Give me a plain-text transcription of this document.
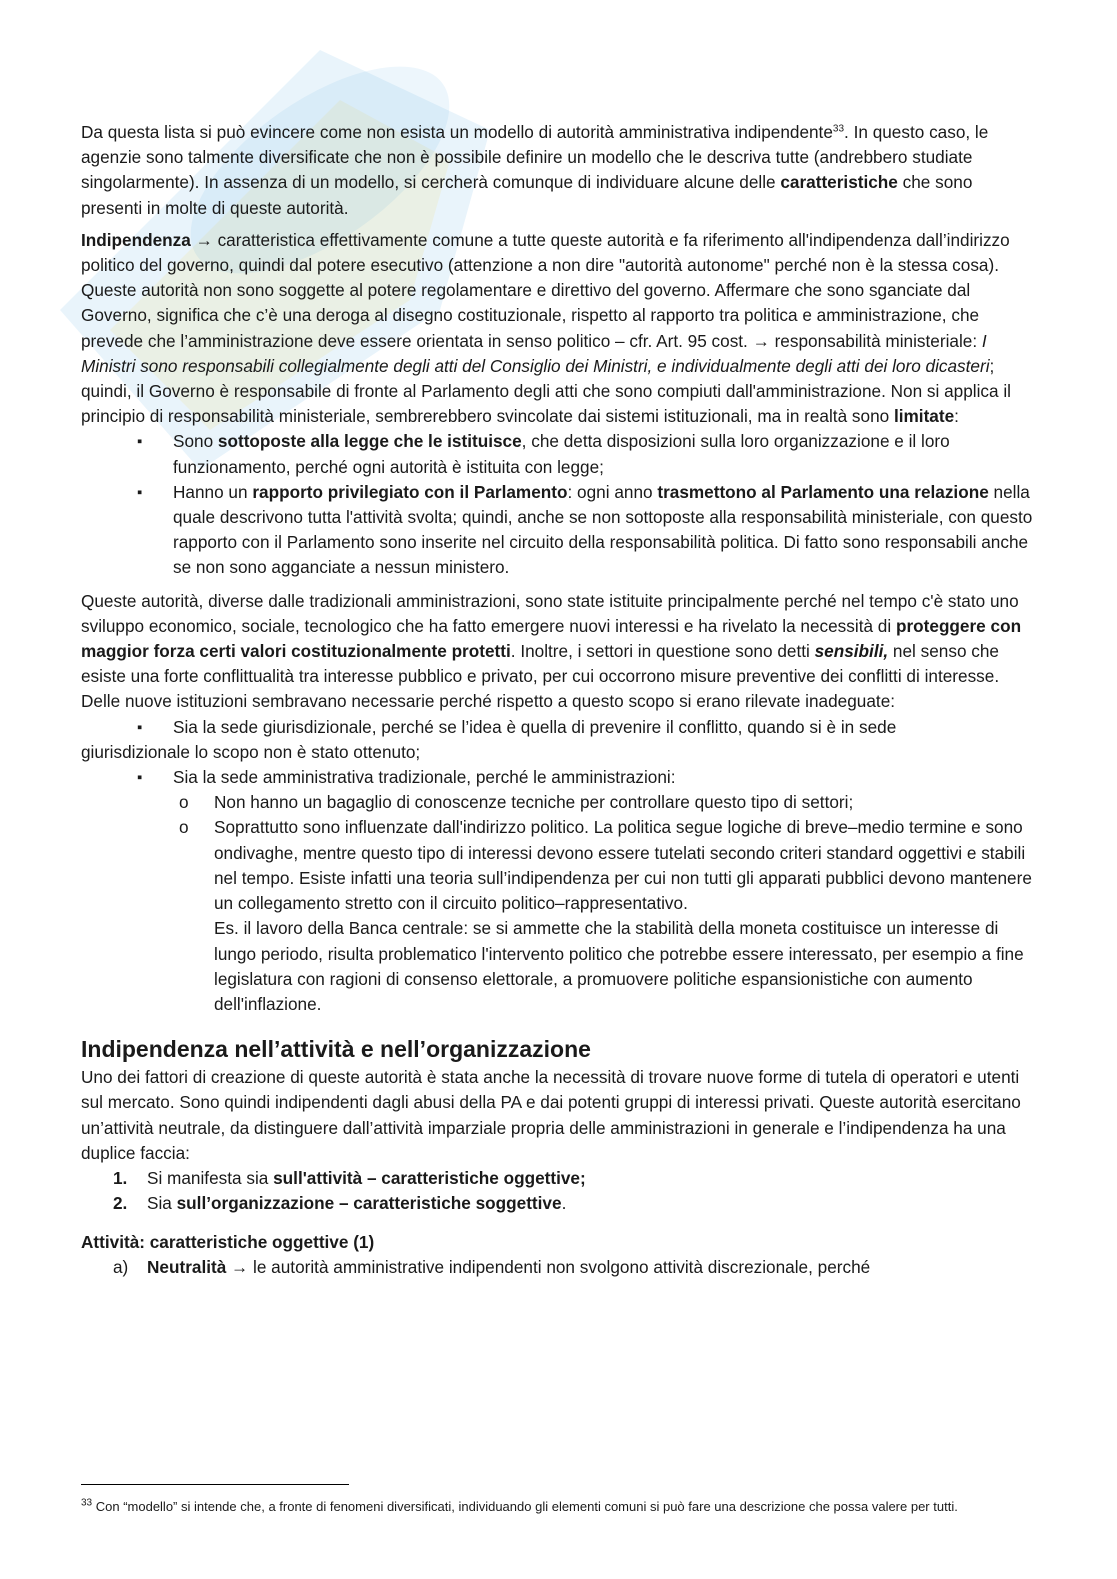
Da questa lista si può evincere come non esista un modello di autorità amministrativa indipendente$^{33}$. In questo caso, le agenzie sono talmente diversificate che non è possibile definire un modello che le descriva tutte (andrebbero studiate singolarmente). In assenza di un modello, si cercherà comunque di individuare alcune delle caratteristiche che sono presenti in molte di queste autorità.

Indipendenza → caratteristica effettivamente comune a tutte queste autorità e fa riferimento all'indipendenza dall’indirizzo politico del governo, quindi dal potere esecutivo (attenzione a non dire "autorità autonome" perché non è la stessa cosa). Queste autorità non sono soggette al potere regolamentare e direttivo del governo. Affermare che sono sganciate dal Governo, significa che c’è una deroga al disegno costituzionale, rispetto al rapporto tra politica e amministrazione, che prevede che l’amministrazione deve essere orientata in senso politico – cfr. Art. 95 cost. → responsabilità ministeriale: I Ministri sono responsabili collegialmente degli atti del Consiglio dei Ministri, e individualmente degli atti dei loro dicasteri; quindi, il Governo è responsabile di fronte al Parlamento degli atti che sono compiuti dall'amministrazione. Non si applica il principio di responsabilità ministeriale, sembrerebbero svincolate dai sistemi istituzionali, ma in realtà sono limitate:

▪ Sono sottoposte alla legge che le istituisce, che detta disposizioni sulla loro organizzazione e il loro funzionamento, perché ogni autorità è istituita con legge;
▪ Hanno un rapporto privilegiato con il Parlamento: ogni anno trasmettono al Parlamento una relazione nella quale descrivono tutta l'attività svolta; quindi, anche se non sottoposte alla responsabilità ministeriale, con questo rapporto con il Parlamento sono inserite nel circuito della responsabilità politica. Di fatto sono responsabili anche se non sono agganciate a nessun ministero.

Queste autorità, diverse dalle tradizionali amministrazioni, sono state istituite principalmente perché nel tempo c'è stato uno sviluppo economico, sociale, tecnologico che ha fatto emergere nuovi interessi e ha rivelato la necessità di proteggere con maggior forza certi valori costituzionalmente protetti. Inoltre, i settori in questione sono detti sensibili, nel senso che esiste una forte conflittualità tra interesse pubblico e privato, per cui occorrono misure preventive dei conflitti di interesse. Delle nuove istituzioni sembravano necessarie perché rispetto a questo scopo si erano rilevate inadeguate:

▪ Sia la sede giurisdizionale, perché se l’idea è quella di prevenire il conflitto, quando si è in sede
giurisdizionale lo scopo non è stato ottenuto;
▪ Sia la sede amministrativa tradizionale, perché le amministrazioni:
o Non hanno un bagaglio di conoscenze tecniche per controllare questo tipo di settori;
o Soprattutto sono influenzate dall'indirizzo politico. La politica segue logiche di breve–medio termine e sono ondivaghe, mentre questo tipo di interessi devono essere tutelati secondo criteri standard oggettivi e stabili nel tempo. Esiste infatti una teoria sull’indipendenza per cui non tutti gli apparati pubblici devono mantenere un collegamento stretto con il circuito politico–rappresentativo.
Es. il lavoro della Banca centrale: se si ammette che la stabilità della moneta costituisce un interesse di lungo periodo, risulta problematico l'intervento politico che potrebbe essere interessato, per esempio a fine legislatura con ragioni di consenso elettorale, a promuovere politiche espansionistiche con aumento dell'inflazione.
Indipendenza nell’attività e nell’organizzazione

Uno dei fattori di creazione di queste autorità è stata anche la necessità di trovare nuove forme di tutela di operatori e utenti sul mercato. Sono quindi indipendenti dagli abusi della PA e dai potenti gruppi di interessi privati. Queste autorità esercitano un’attività neutrale, da distinguere dall’attività imparziale propria delle amministrazioni in generale e l’indipendenza ha una duplice faccia:

1. Si manifesta sia sull'attività – caratteristiche oggettive;
2. Sia sull’organizzazione – caratteristiche soggettive.
Attività: caratteristiche oggettive (1)
a) Neutralità → le autorità amministrative indipendenti non svolgono attività discrezionale, perché
$^{33}$ Con “modello” si intende che, a fronte di fenomeni diversificati, individuando gli elementi comuni si può fare una descrizione che possa valere per tutti.
